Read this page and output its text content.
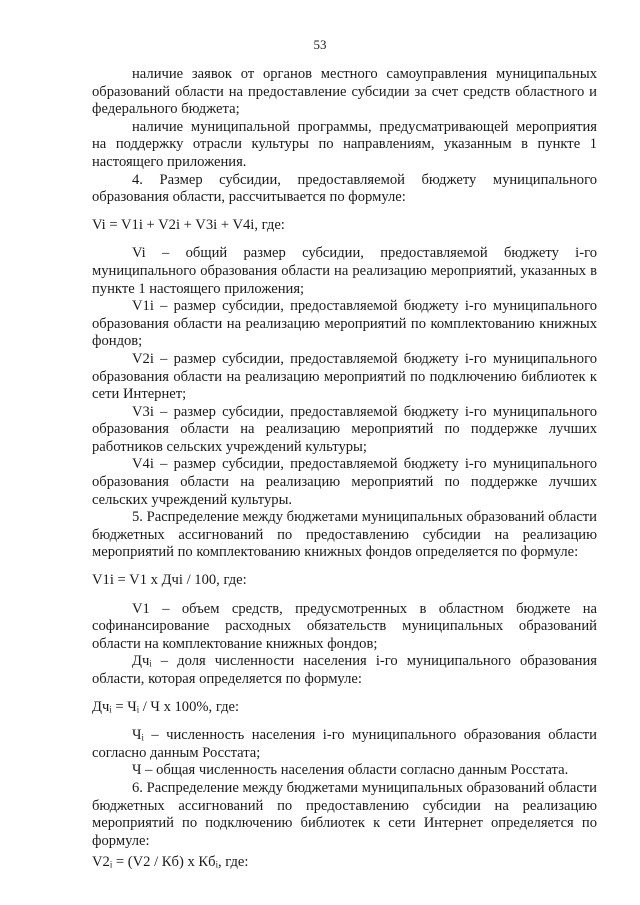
53

наличие заявок от органов местного самоуправления муниципальных образований области на предоставление субсидии за счет средств областного и федерального бюджета;

наличие муниципальной программы, предусматривающей мероприятия на поддержку отрасли культуры по направлениям, указанным в пункте 1 настоящего приложения.

4. Размер субсидии, предоставляемой бюджету муниципального образования области, рассчитывается по формуле:

Vi = V1i + V2i + V3i + V4i, где:

Vi – общий размер субсидии, предоставляемой бюджету i-го муниципального образования области на реализацию мероприятий, указанных в пункте 1 настоящего приложения;

V1i – размер субсидии, предоставляемой бюджету i-го муниципального образования области на реализацию мероприятий по комплектованию книжных фондов;

V2i – размер субсидии, предоставляемой бюджету i-го муниципального образования области на реализацию мероприятий по подключению библиотек к сети Интернет;

V3i – размер субсидии, предоставляемой бюджету i-го муниципального образования области на реализацию мероприятий по поддержке лучших работников сельских учреждений культуры;

V4i – размер субсидии, предоставляемой бюджету i-го муниципального образования области на реализацию мероприятий по поддержке лучших сельских учреждений культуры.

5. Распределение между бюджетами муниципальных образований области бюджетных ассигнований по предоставлению субсидии на реализацию мероприятий по комплектованию книжных фондов определяется по формуле:

V1i = V1 х Дчi / 100, где:

V1 – объем средств, предусмотренных в областном бюджете на софинансирование расходных обязательств муниципальных образований области на комплектование книжных фондов;

Дчᵢ – доля численности населения i-го муниципального образования области, которая определяется по формуле:

Дчᵢ = Чᵢ / Ч х 100%, где:

Чᵢ – численность населения i-го муниципального образования области согласно данным Росстата;

Ч – общая численность населения области согласно данным Росстата.

6. Распределение между бюджетами муниципальных образований области бюджетных ассигнований по предоставлению субсидии на реализацию мероприятий по подключению библиотек к сети Интернет определяется по формуле:

V2ᵢ = (V2 / Кб) х Кбᵢ, где:
